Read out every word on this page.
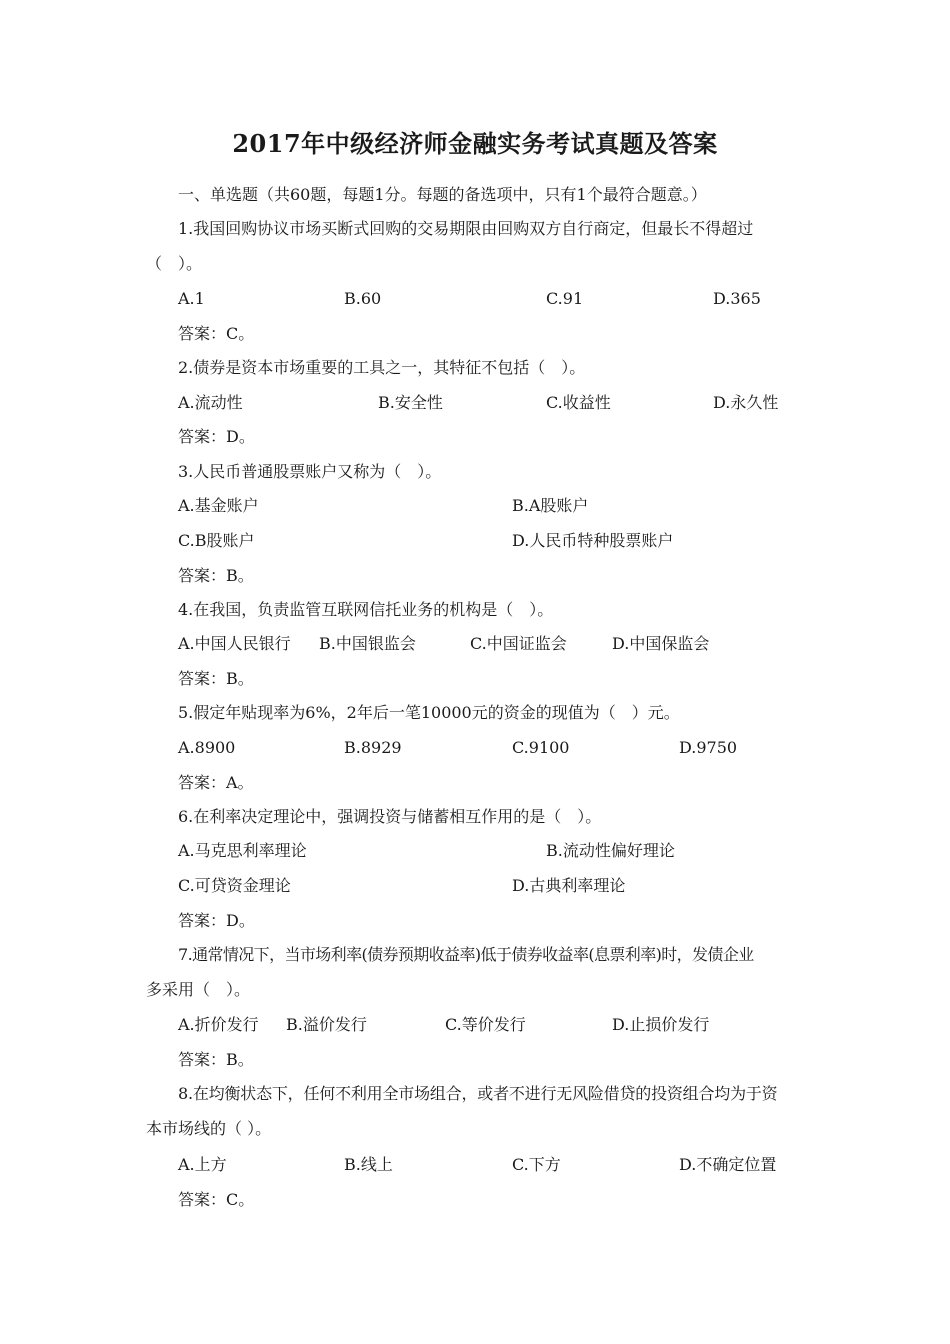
2017年中级经济师金融实务考试真题及答案
一、单选题（共60题，每题1分。每题的备选项中，只有1个最符合题意。）
1.我国回购协议市场买断式回购的交易期限由回购双方自行商定，但最长不得超过
（　）。
A.1	B.60	C.91	D.365
答案：C。
2.债券是资本市场重要的工具之一，其特征不包括（　）。
A.流动性	B.安全性	C.收益性	D.永久性
答案：D。
3.人民币普通股票账户又称为（　）。
A.基金账户	B.A股账户
C.B股账户	D.人民币特种股票账户
答案：B。
4.在我国，负责监管互联网信托业务的机构是（　）。
A.中国人民银行 B.中国银监会	C.中国证监会	D.中国保监会
答案：B。
5.假定年贴现率为6%，2年后一笔10000元的资金的现值为（　）元。
A.8900	B.8929	C.9100	D.9750
答案：A。
6.在利率决定理论中，强调投资与储蓄相互作用的是（　）。
A.马克思利率理论	B.流动性偏好理论
C.可贷资金理论	D.古典利率理论
答案：D。
7.通常情况下，当市场利率(债券预期收益率)低于债券收益率(息票利率)时，发债企业
多采用（　）。
A.折价发行 B.溢价发行	C.等价发行	D.止损价发行
答案：B。
8.在均衡状态下，任何不利用全市场组合，或者不进行无风险借贷的投资组合均为于资
本市场线的（ ）。
A.上方	B.线上	C.下方	D.不确定位置
答案：C。
